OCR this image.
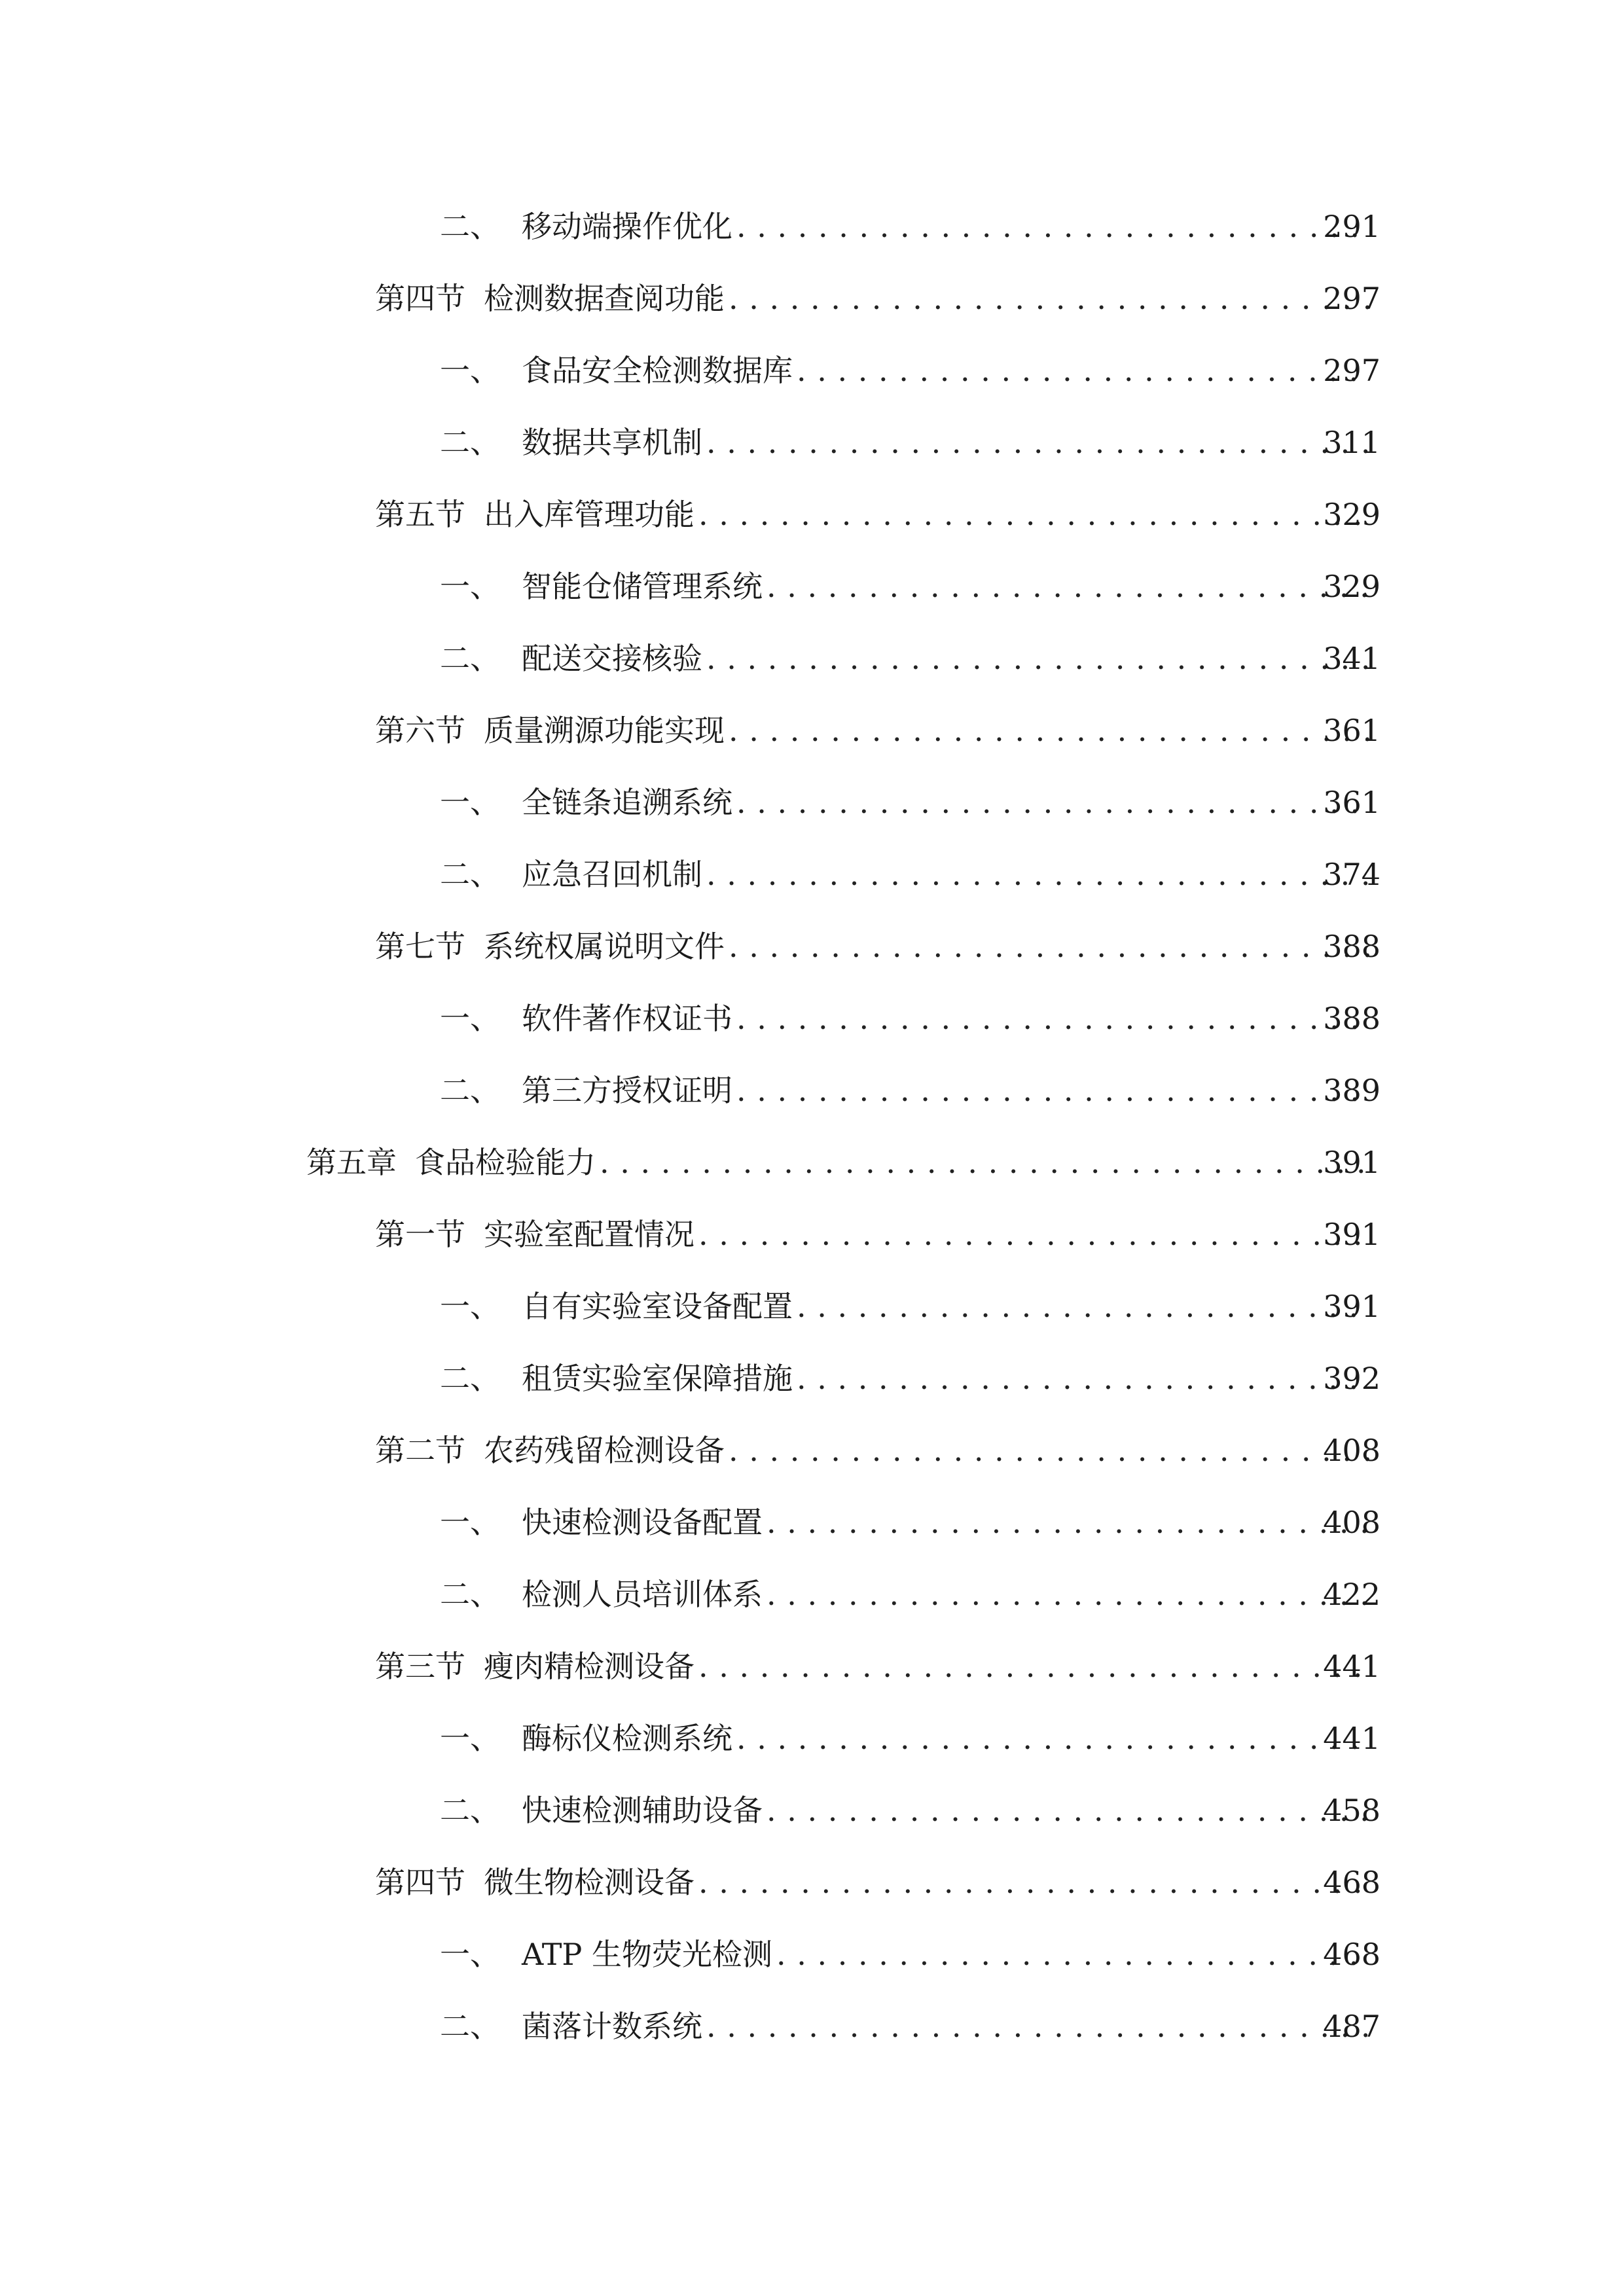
二、 移动端操作优化 . . .	291
第四节 检测数据查阅功能 . . .	297
一、 食品安全检测数据库 . . .	297
二、 数据共享机制 . . .	311
第五节 出入库管理功能 . . .	329
一、 智能仓储管理系统 . . .	329
二、 配送交接核验 . . .	341
第六节 质量溯源功能实现 . . .	361
一、 全链条追溯系统 . . .	361
二、 应急召回机制 . . .	374
第七节 系统权属说明文件 . . .	388
一、 软件著作权证书 . . .	388
二、 第三方授权证明 . . .	389
第五章 食品检验能力 . . .	391
第一节 实验室配置情况 . . .	391
一、 自有实验室设备配置 . . .	391
二、 租赁实验室保障措施 . . .	392
第二节 农药残留检测设备 . . .	408
一、 快速检测设备配置 . . .	408
二、 检测人员培训体系 . . .	422
第三节 瘦肉精检测设备 . . .	441
一、 酶标仪检测系统 . . .	441
二、 快速检测辅助设备 . . .	458
第四节 微生物检测设备 . . .	468
一、 ATP 生物荧光检测 . . .	468
二、 菌落计数系统 . . .	487
